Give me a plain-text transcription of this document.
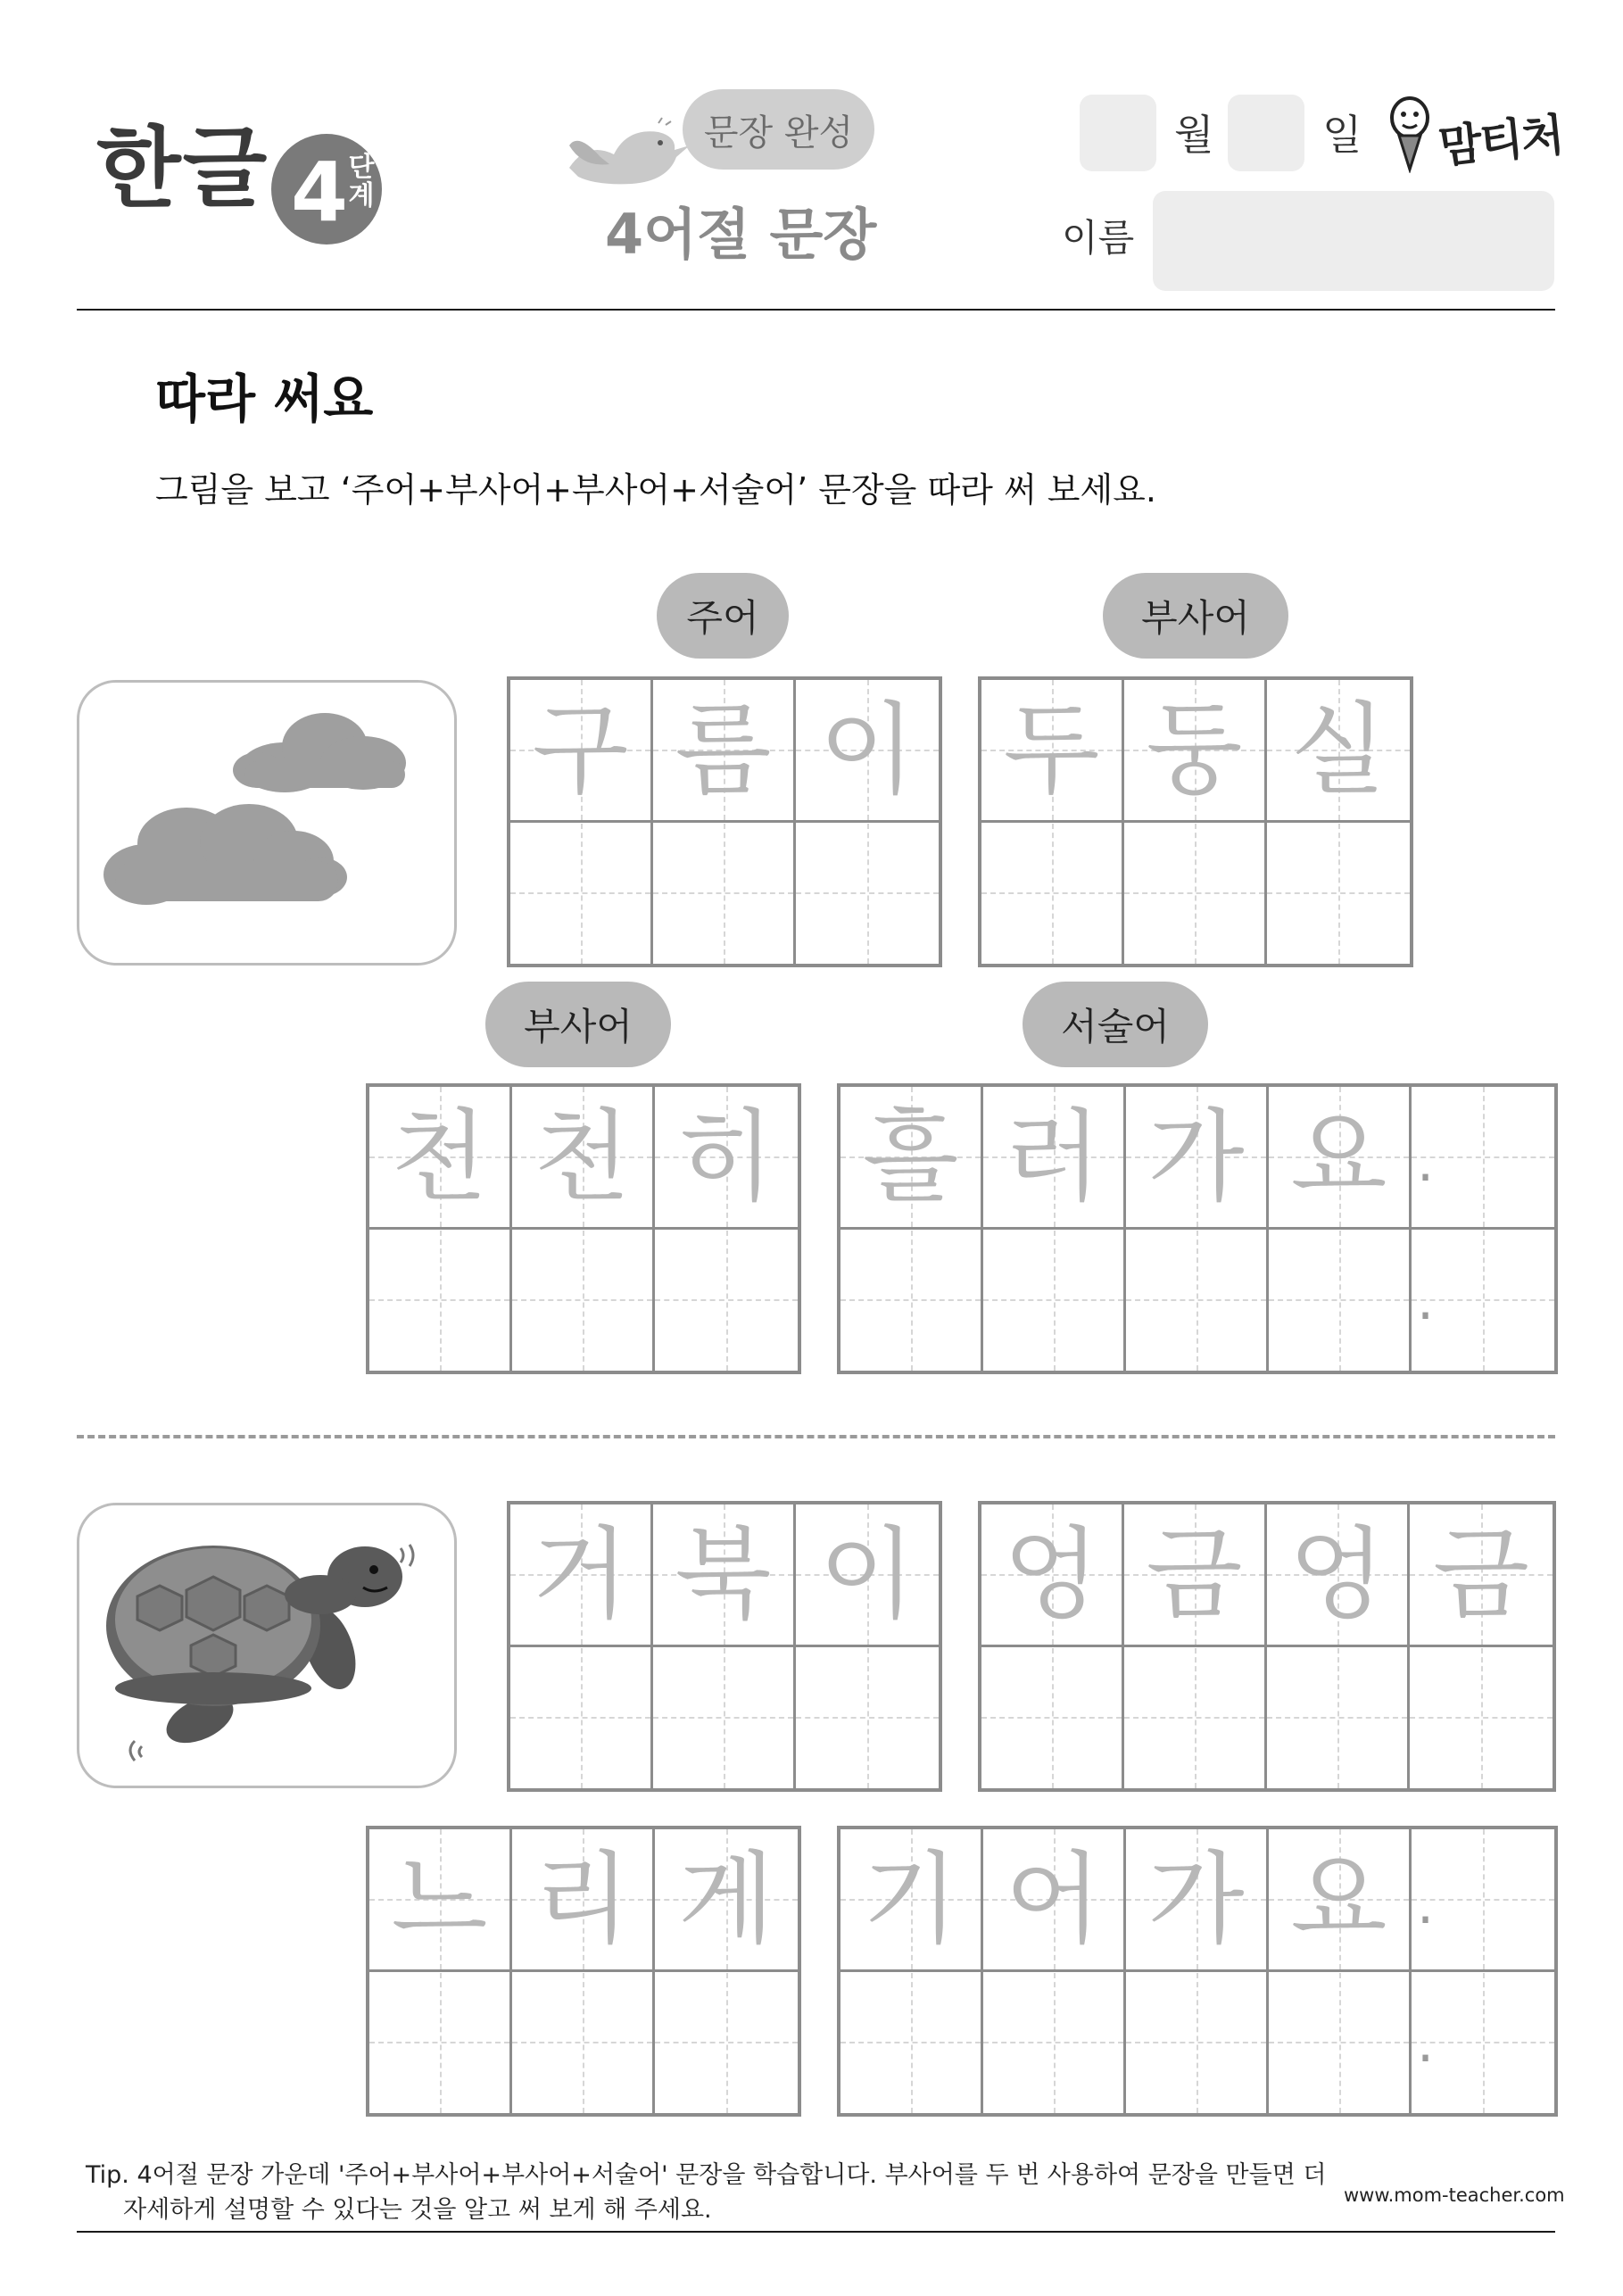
한글 4 단계
문장 완성
4어절 문장
월	일 맘티처
이름
따라 써요
그림을 보고 ‘주어+부사어+부사어+서술어’ 문장을 따라 써 보세요.
주어	부사어
구 름 이 두 둥 실
부사어	서술어
천 천 히 흘 러 가 요 .
.
거 북 이 엉 금 엉 금
느 리 게 기 어 가 요 .
.
Tip. 4어절 문장 가운데 '주어+부사어+부사어+서술어' 문장을 학습합니다. 부사어를 두 번 사용하여 문장을 만들면 더
자세하게 설명할 수 있다는 것을 알고 써 보게 해 주세요.
www.mom-teacher.com
